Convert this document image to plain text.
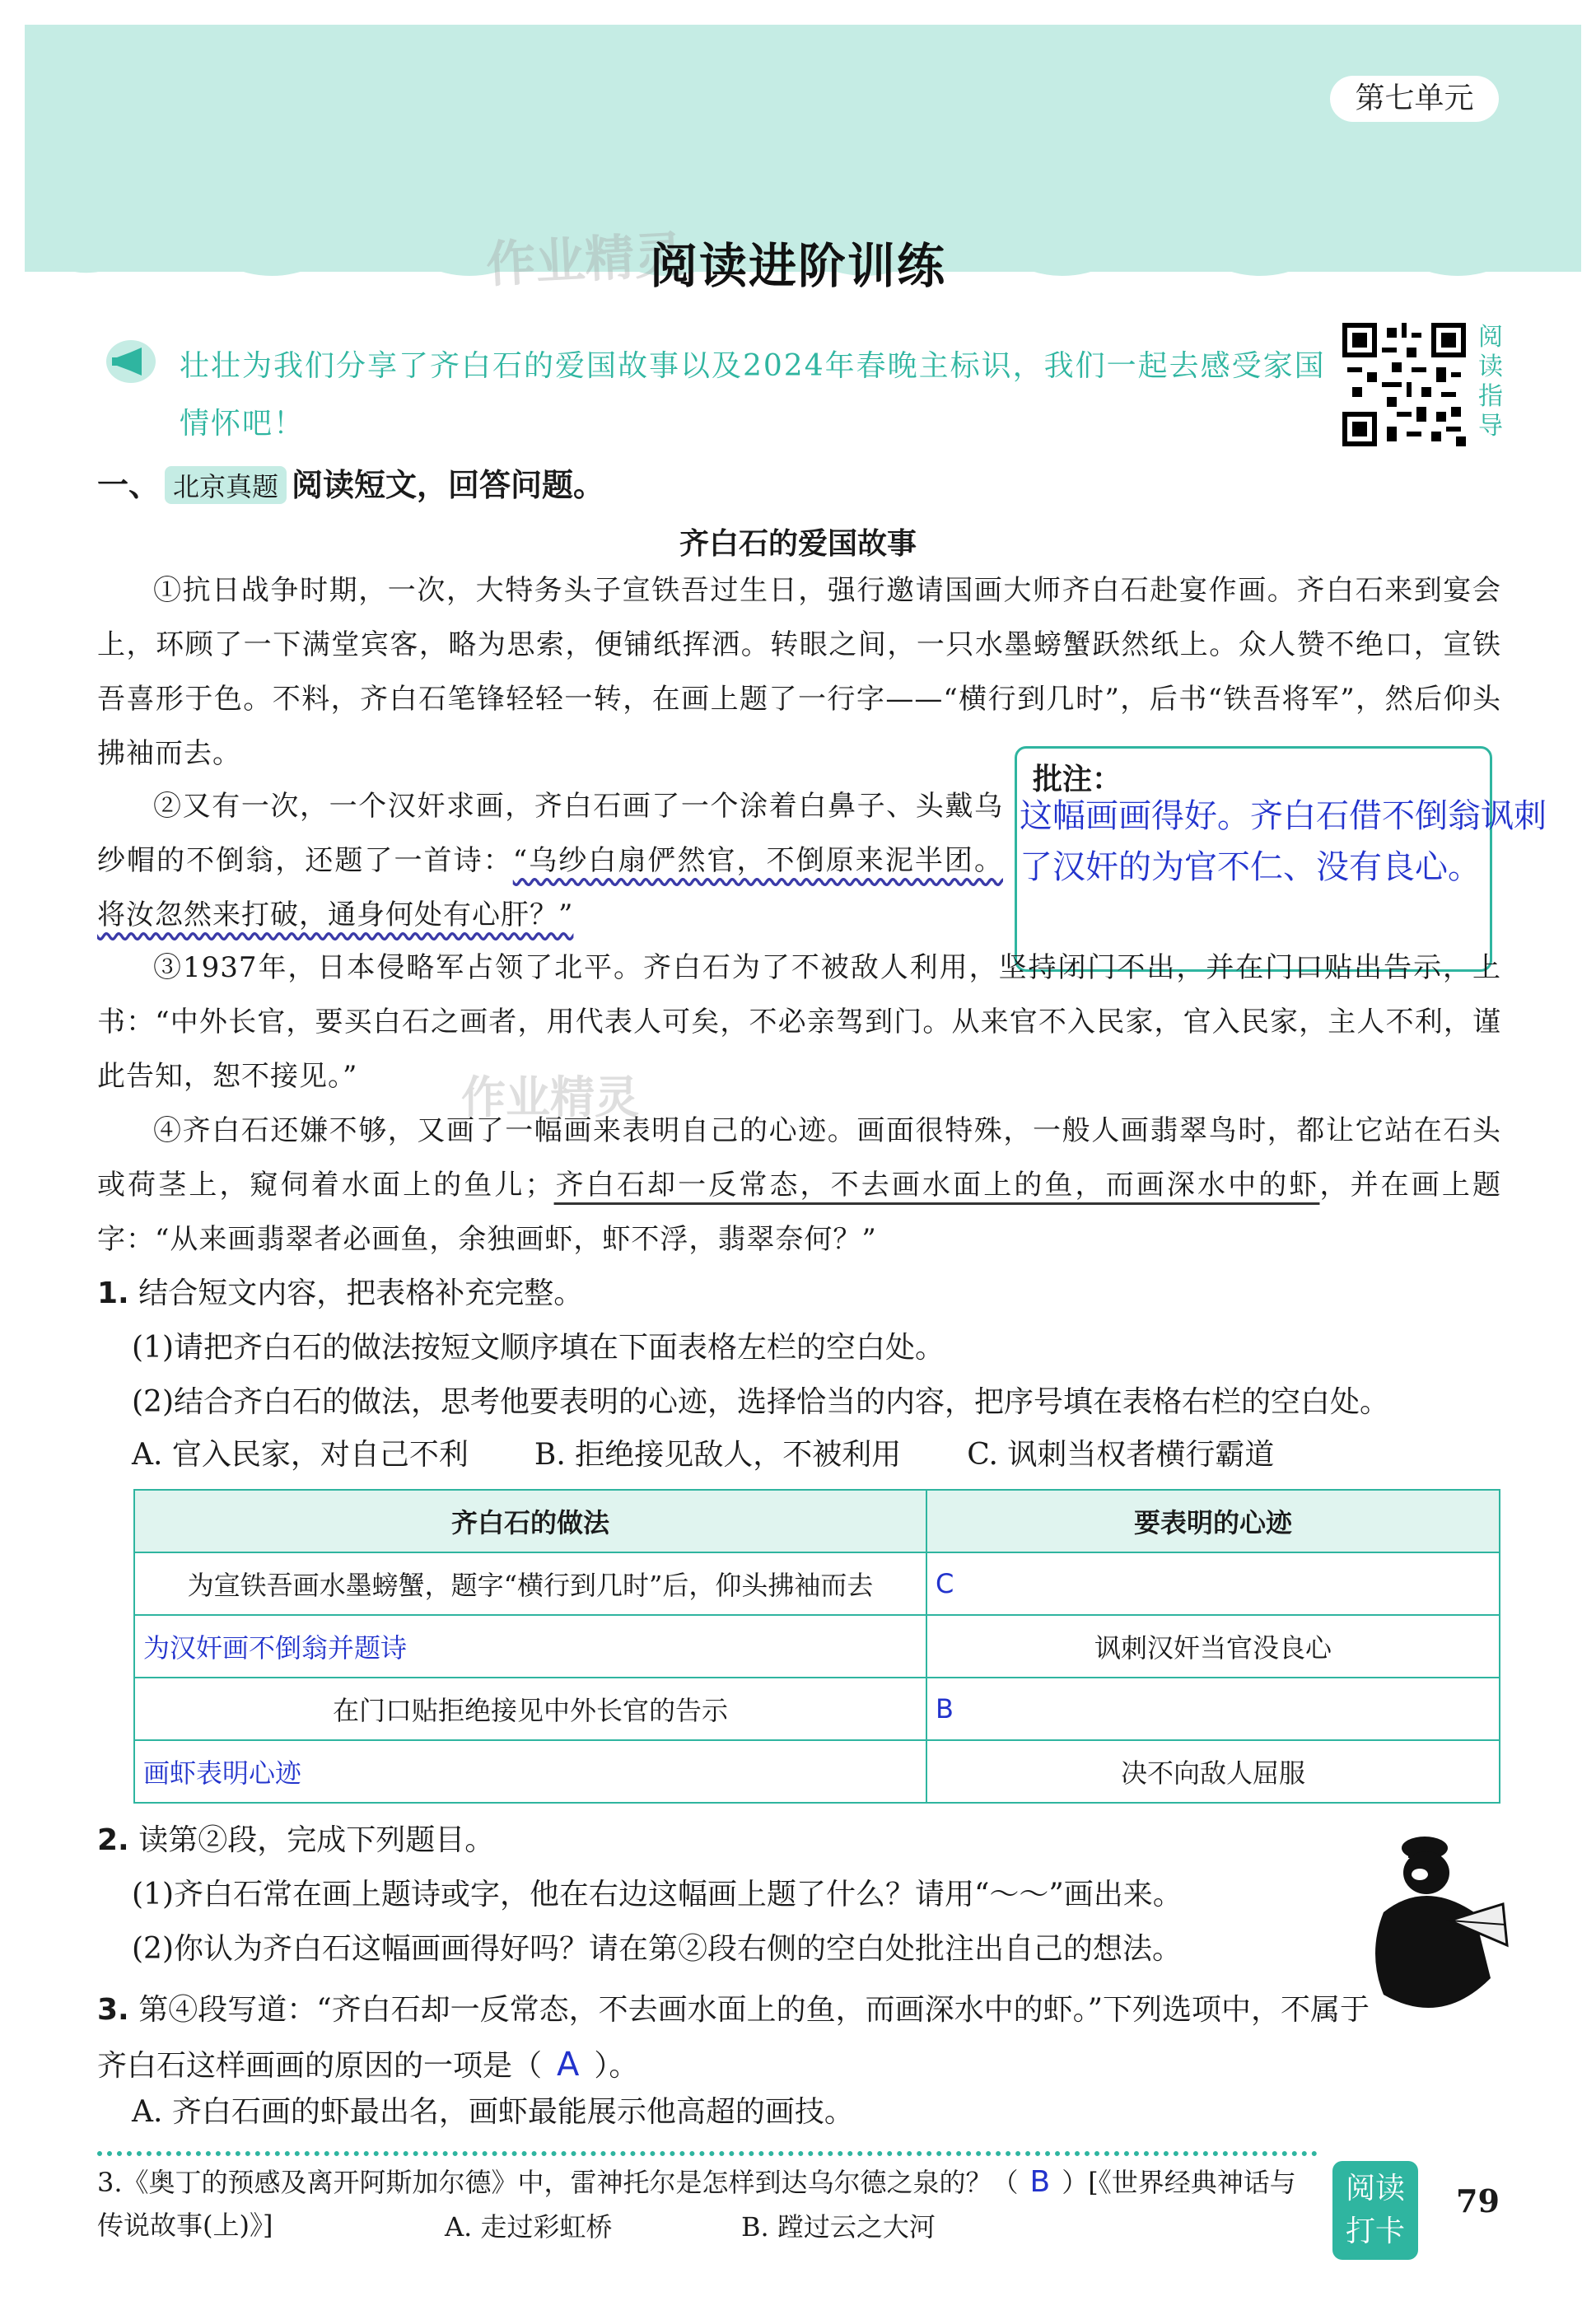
第七单元
作业精灵
阅读进阶训练
壮壮为我们分享了齐白石的爱国故事以及2024年春晚主标识，我们一起去感受家国情怀吧！
阅读指导
一、 北京真题 阅读短文，回答问题。
齐白石的爱国故事
①抗日战争时期，一次，大特务头子宣铁吾过生日，强行邀请国画大师齐白石赴宴作画。齐白石来到宴会上，环顾了一下满堂宾客，略为思索，便铺纸挥洒。转眼之间，一只水墨螃蟹跃然纸上。众人赞不绝口，宣铁吾喜形于色。不料，齐白石笔锋轻轻一转，在画上题了一行字——“横行到几时”，后书“铁吾将军”，然后仰头拂袖而去。
②又有一次，一个汉奸求画，齐白石画了一个涂着白鼻子、头戴乌纱帽的不倒翁，还题了一首诗：“乌纱白扇俨然官，不倒原来泥半团。将汝忽然来打破，通身何处有心肝？”
批注：
这幅画画得好。齐白石借不倒翁讽刺了汉奸的为官不仁、没有良心。
③1937年，日本侵略军占领了北平。齐白石为了不被敌人利用，坚持闭门不出，并在门口贴出告示，上书：“中外长官，要买白石之画者，用代表人可矣，不必亲驾到门。从来官不入民家，官入民家，主人不利，谨此告知，恕不接见。”
④齐白石还嫌不够，又画了一幅画来表明自己的心迹。画面很特殊，一般人画翡翠鸟时，都让它站在石头或荷茎上，窥伺着水面上的鱼儿；齐白石却一反常态，不去画水面上的鱼，而画深水中的虾，并在画上题字：“从来画翡翠者必画鱼，余独画虾，虾不浮，翡翠奈何？”
作业精灵
1. 结合短文内容，把表格补充完整。
(1)请把齐白石的做法按短文顺序填在下面表格左栏的空白处。
(2)结合齐白石的做法，思考他要表明的心迹，选择恰当的内容，把序号填在表格右栏的空白处。
A. 官入民家，对自己不利 B. 拒绝接见敌人，不被利用 C. 讽刺当权者横行霸道
齐白石的做法	要表明的心迹
为宣铁吾画水墨螃蟹，题字“横行到几时”后，仰头拂袖而去	C
为汉奸画不倒翁并题诗	讽刺汉奸当官没良心
在门口贴拒绝接见中外长官的告示	B
画虾表明心迹	决不向敌人屈服
2. 读第②段，完成下列题目。
(1)齐白石常在画上题诗或字，他在右边这幅画上题了什么？请用“～～”画出来。
(2)你认为齐白石这幅画画得好吗？请在第②段右侧的空白处批注出自己的想法。
3. 第④段写道：“齐白石却一反常态，不去画水面上的鱼，而画深水中的虾。”下列选项中，不属于齐白石这样画画的原因的一项是（ A ）。
A. 齐白石画的虾最出名，画虾最能展示他高超的画技。
3.《奥丁的预感及离开阿斯加尔德》中，雷神托尔是怎样到达乌尔德之泉的？（ B ）[《世界经典神话与传说故事(上)》]	A. 走过彩虹桥	B. 蹚过云之大河
阅读打卡
79
